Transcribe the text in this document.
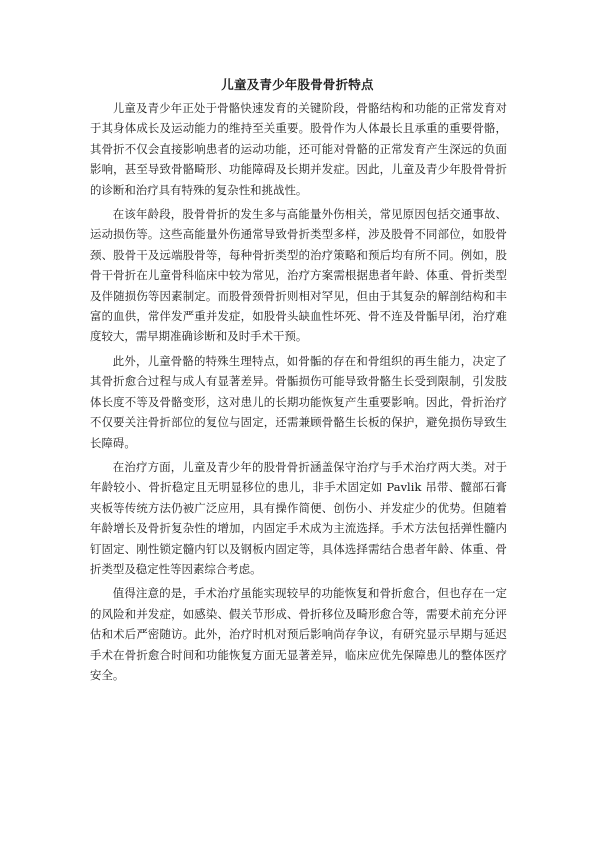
儿童及青少年股骨骨折特点

儿童及青少年正处于骨骼快速发育的关键阶段，骨骼结构和功能的正常发育对于其身体成长及运动能力的维持至关重要。股骨作为人体最长且承重的重要骨骼，其骨折不仅会直接影响患者的运动功能，还可能对骨骼的正常发育产生深远的负面影响，甚至导致骨骼畸形、功能障碍及长期并发症。因此，儿童及青少年股骨骨折的诊断和治疗具有特殊的复杂性和挑战性。

在该年龄段，股骨骨折的发生多与高能量外伤相关，常见原因包括交通事故、运动损伤等。这些高能量外伤通常导致骨折类型多样，涉及股骨不同部位，如股骨颈、股骨干及远端股骨等，每种骨折类型的治疗策略和预后均有所不同。例如，股骨干骨折在儿童骨科临床中较为常见，治疗方案需根据患者年龄、体重、骨折类型及伴随损伤等因素制定。而股骨颈骨折则相对罕见，但由于其复杂的解剖结构和丰富的血供，常伴发严重并发症，如股骨头缺血性坏死、骨不连及骨骺早闭，治疗难度较大，需早期准确诊断和及时手术干预。

此外，儿童骨骼的特殊生理特点，如骨骺的存在和骨组织的再生能力，决定了其骨折愈合过程与成人有显著差异。骨骺损伤可能导致骨骼生长受到限制，引发肢体长度不等及骨骼变形，这对患儿的长期功能恢复产生重要影响。因此，骨折治疗不仅要关注骨折部位的复位与固定，还需兼顾骨骼生长板的保护，避免损伤导致生长障碍。

在治疗方面，儿童及青少年的股骨骨折涵盖保守治疗与手术治疗两大类。对于年龄较小、骨折稳定且无明显移位的患儿，非手术固定如 Pavlik 吊带、髋部石膏夹板等传统方法仍被广泛应用，具有操作简便、创伤小、并发症少的优势。但随着年龄增长及骨折复杂性的增加，内固定手术成为主流选择。手术方法包括弹性髓内钉固定、刚性锁定髓内钉以及钢板内固定等，具体选择需结合患者年龄、体重、骨折类型及稳定性等因素综合考虑。

值得注意的是，手术治疗虽能实现较早的功能恢复和骨折愈合，但也存在一定的风险和并发症，如感染、假关节形成、骨折移位及畸形愈合等，需要术前充分评估和术后严密随访。此外，治疗时机对预后影响尚存争议，有研究显示早期与延迟手术在骨折愈合时间和功能恢复方面无显著差异，临床应优先保障患儿的整体医疗安全。
